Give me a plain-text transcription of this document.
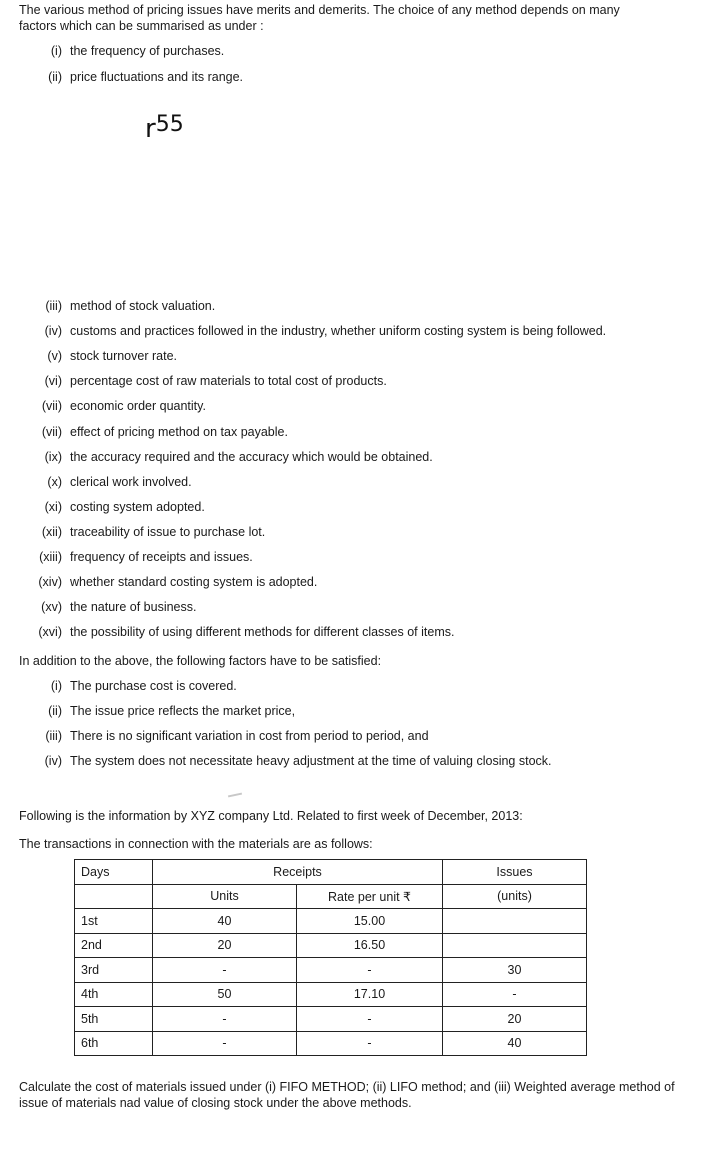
The various method of pricing issues have merits and demerits. The choice of any method depends on many factors which can be summarised as under :
(i) the frequency of purchases.
(ii) price fluctuations and its range.
r55
(iii) method of stock valuation.
(iv) customs and practices followed in the industry, whether uniform costing system is being followed.
(v) stock turnover rate.
(vi) percentage cost of raw materials to total cost of products.
(vii) economic order quantity.
(vii) effect of pricing method on tax payable.
(ix) the accuracy required and the accuracy which would be obtained.
(x) clerical work involved.
(xi) costing system adopted.
(xii) traceability of issue to purchase lot.
(xiii) frequency of receipts and issues.
(xiv) whether standard costing system is adopted.
(xv) the nature of business.
(xvi) the possibility of using different methods for different classes of items.
In addition to the above, the following factors have to be satisfied:
(i) The purchase cost is covered.
(ii) The issue price reflects the market price,
(iii) There is no significant variation in cost from period to period, and
(iv) The system does not necessitate heavy adjustment at the time of valuing closing stock.
Following is the information by XYZ company Ltd. Related to first week of December, 2013:
The transactions in connection with the materials are as follows:
Days	Receipts		Issues
	Units	Rate per unit ₹	(units)
1st	40	15.00	
2nd	20	16.50	
3rd	-	-	30
4th	50	17.10	-
5th	-	-	20
6th	-	-	40
Calculate the cost of materials issued under (i) FIFO METHOD; (ii) LIFO method; and (iii) Weighted average method of issue of materials nad value of closing stock under the above methods.
